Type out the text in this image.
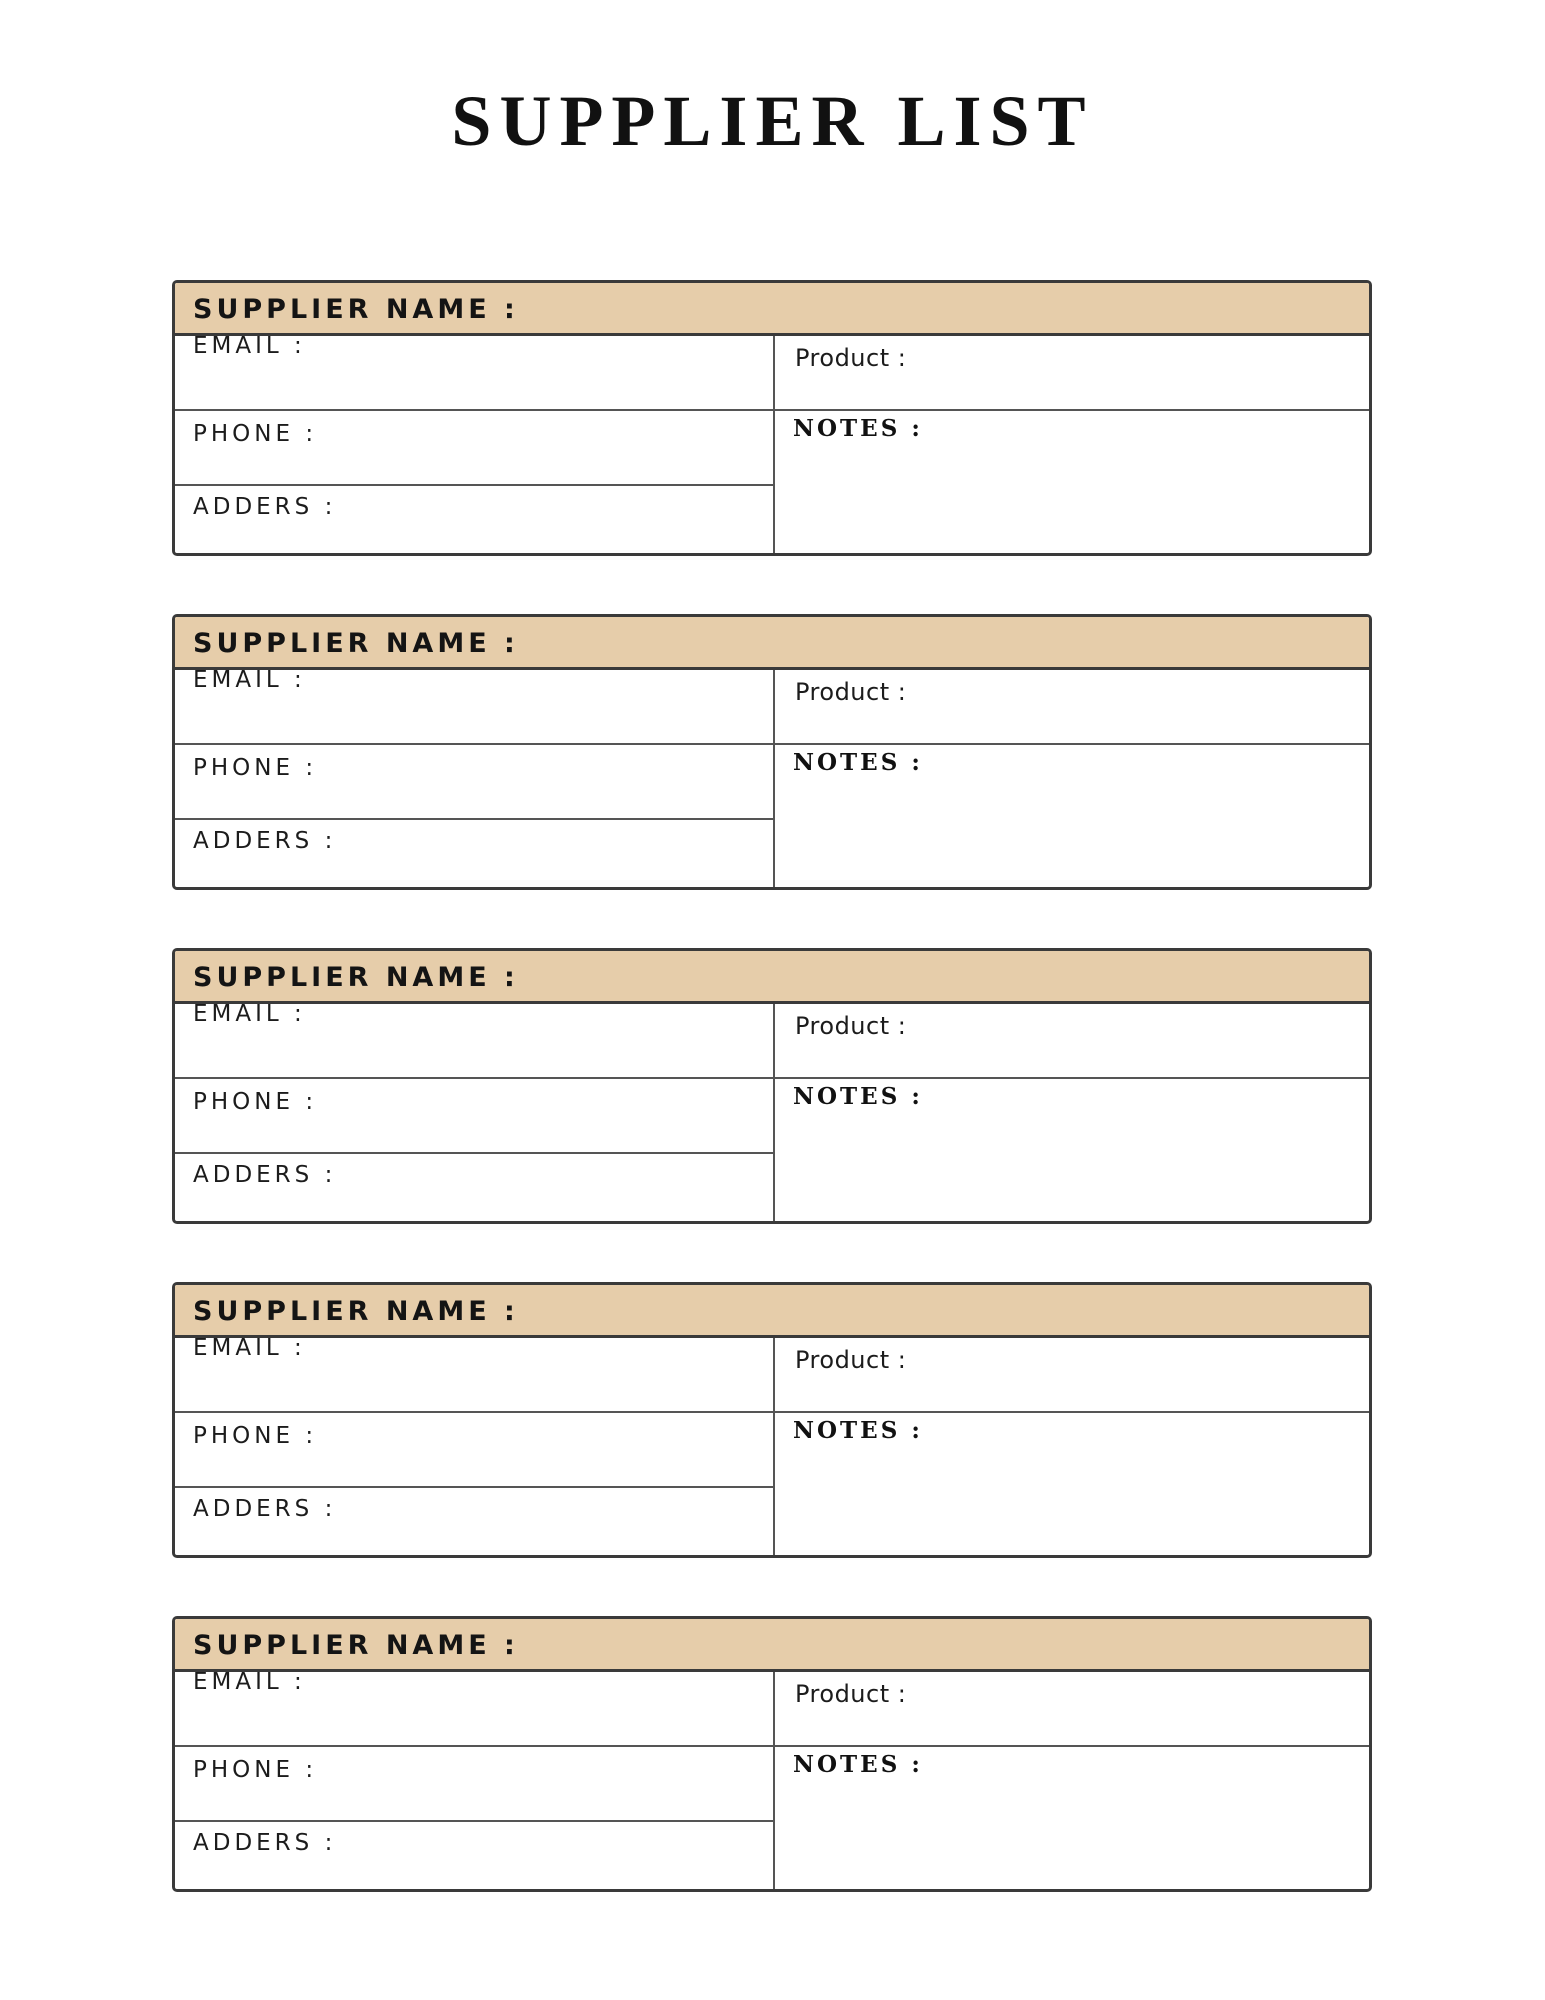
SUPPLIER LIST
SUPPLIER NAME :
EMAIL :
PHONE :
ADDERS :
Product :
NOTES :
SUPPLIER NAME :
EMAIL :
PHONE :
ADDERS :
Product :
NOTES :
SUPPLIER NAME :
EMAIL :
PHONE :
ADDERS :
Product :
NOTES :
SUPPLIER NAME :
EMAIL :
PHONE :
ADDERS :
Product :
NOTES :
SUPPLIER NAME :
EMAIL :
PHONE :
ADDERS :
Product :
NOTES :
